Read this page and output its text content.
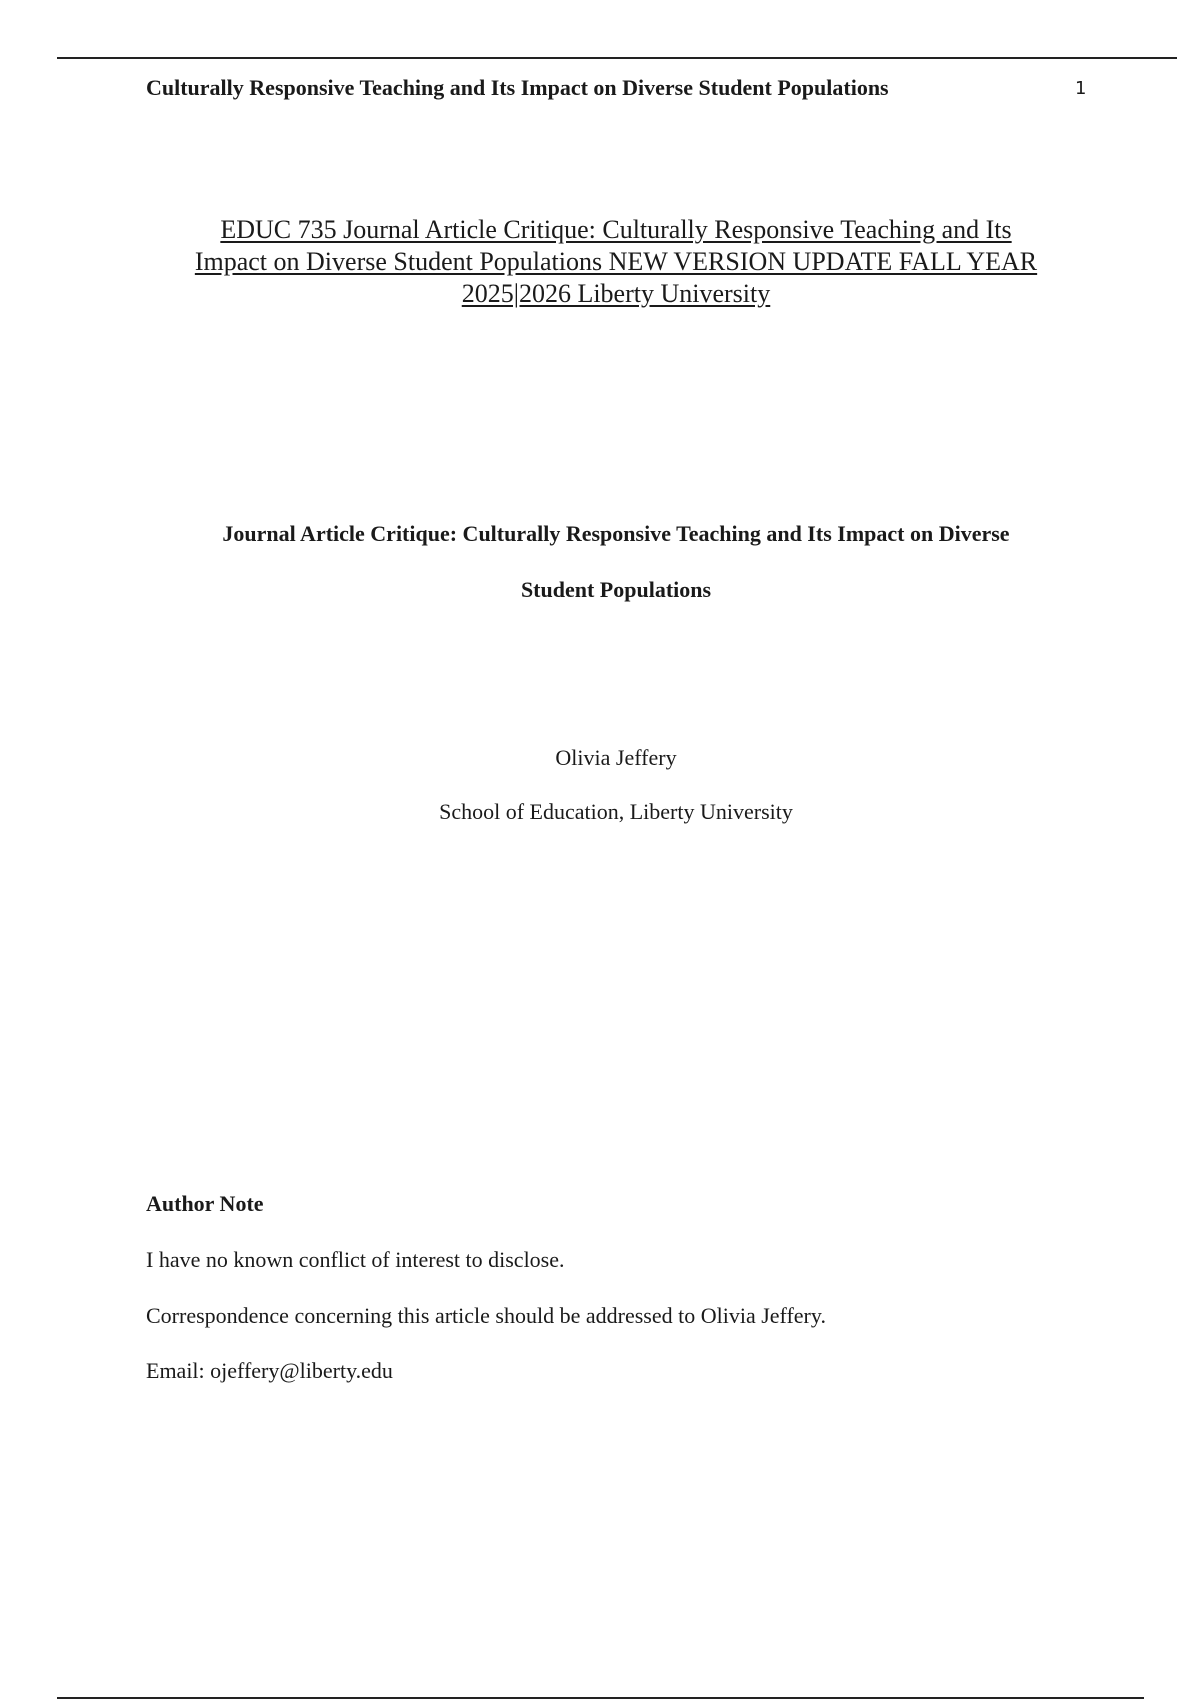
Culturally Responsive Teaching and Its Impact on Diverse Student Populations	1
EDUC 735 Journal Article Critique: Culturally Responsive Teaching and Its
Impact on Diverse Student Populations NEW VERSION UPDATE FALL YEAR
2025|2026 Liberty University
Journal Article Critique: Culturally Responsive Teaching and Its Impact on Diverse
Student Populations
Olivia Jeffery
School of Education, Liberty University
Author Note
I have no known conflict of interest to disclose.
Correspondence concerning this article should be addressed to Olivia Jeffery.
Email: ojeffery@liberty.edu
